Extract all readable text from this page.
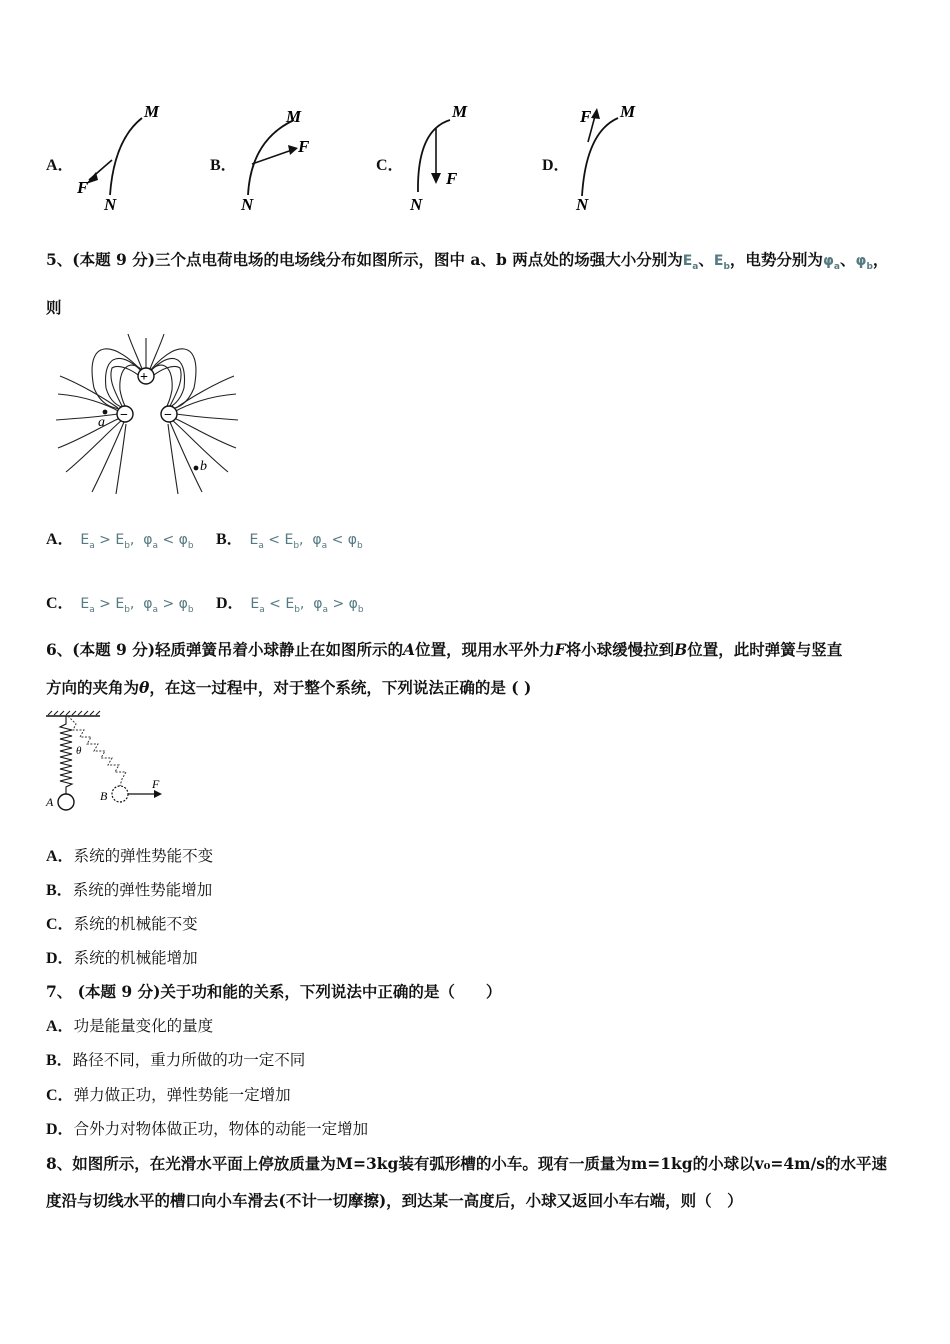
A．
M
F
N
B．
M
F
N
C．
M
F
N
D．
F M
N
5、(本题 9 分)三个点电荷电场的电场线分布如图所示，图中 a、b 两点处的场强大小分别为$E_a$、$E_b$，电势分别为$\varphi_a$、$\varphi_b$，
则
+
−	−
a
b
A． $E_a > E_b$,  $\varphi_a < \varphi_b$ B． $E_a < E_b$,  $\varphi_a < \varphi_b$
C． $E_a > E_b$,  $\varphi_a > \varphi_b$ D． $E_a < E_b$,  $\varphi_a > \varphi_b$
6、(本题 9 分)轻质弹簧吊着小球静止在如图所示的A位置，现用水平外力F将小球缓慢拉到B位置，此时弹簧与竖直
方向的夹角为θ，在这一过程中，对于整个系统，下列说法正确的是 ( )
θ
A	B
F
A．系统的弹性势能不变
B．系统的弹性势能增加
C．系统的机械能不变
D．系统的机械能增加
7、 (本题 9 分)关于功和能的关系，下列说法中正确的是（　　）
A．功是能量变化的量度
B．路径不同，重力所做的功一定不同
C．弹力做正功，弹性势能一定增加
D．合外力对物体做正功，物体的动能一定增加
8、如图所示，在光滑水平面上停放质量为M=3kg装有弧形槽的小车。现有一质量为m=1kg的小球以v₀=4m/s的水平速
度沿与切线水平的槽口向小车滑去(不计一切摩擦)，到达某一高度后，小球又返回小车右端，则（　）
